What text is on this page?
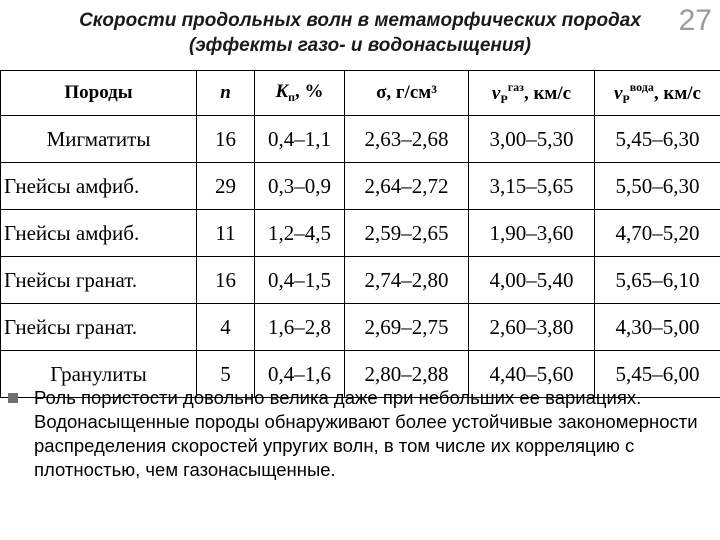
Скорости продольных волн в метаморфических породах
(эффекты газо- и водонасыщения)
27
Породы	n	$K_п$, %	σ, г/см³	$v_P^{газ}$, км/с	$v_P^{вода}$, км/с
Мигматиты	16	0,4–1,1	2,63–2,68	3,00–5,30	5,45–6,30
Гнейсы амфиб.	29	0,3–0,9	2,64–2,72	3,15–5,65	5,50–6,30
Гнейсы амфиб.	11	1,2–4,5	2,59–2,65	1,90–3,60	4,70–5,20
Гнейсы гранат.	16	0,4–1,5	2,74–2,80	4,00–5,40	5,65–6,10
Гнейсы гранат.	4	1,6–2,8	2,69–2,75	2,60–3,80	4,30–5,00
Гранулиты	5	0,4–1,6	2,80–2,88	4,40–5,60	5,45–6,00
Роль пористости довольно велика даже при небольших ее вариациях. Водонасыщенные породы обнаруживают более устойчивые закономерности распределения скоростей упругих волн, в том числе их корреляцию с плотностью, чем газонасыщенные.
